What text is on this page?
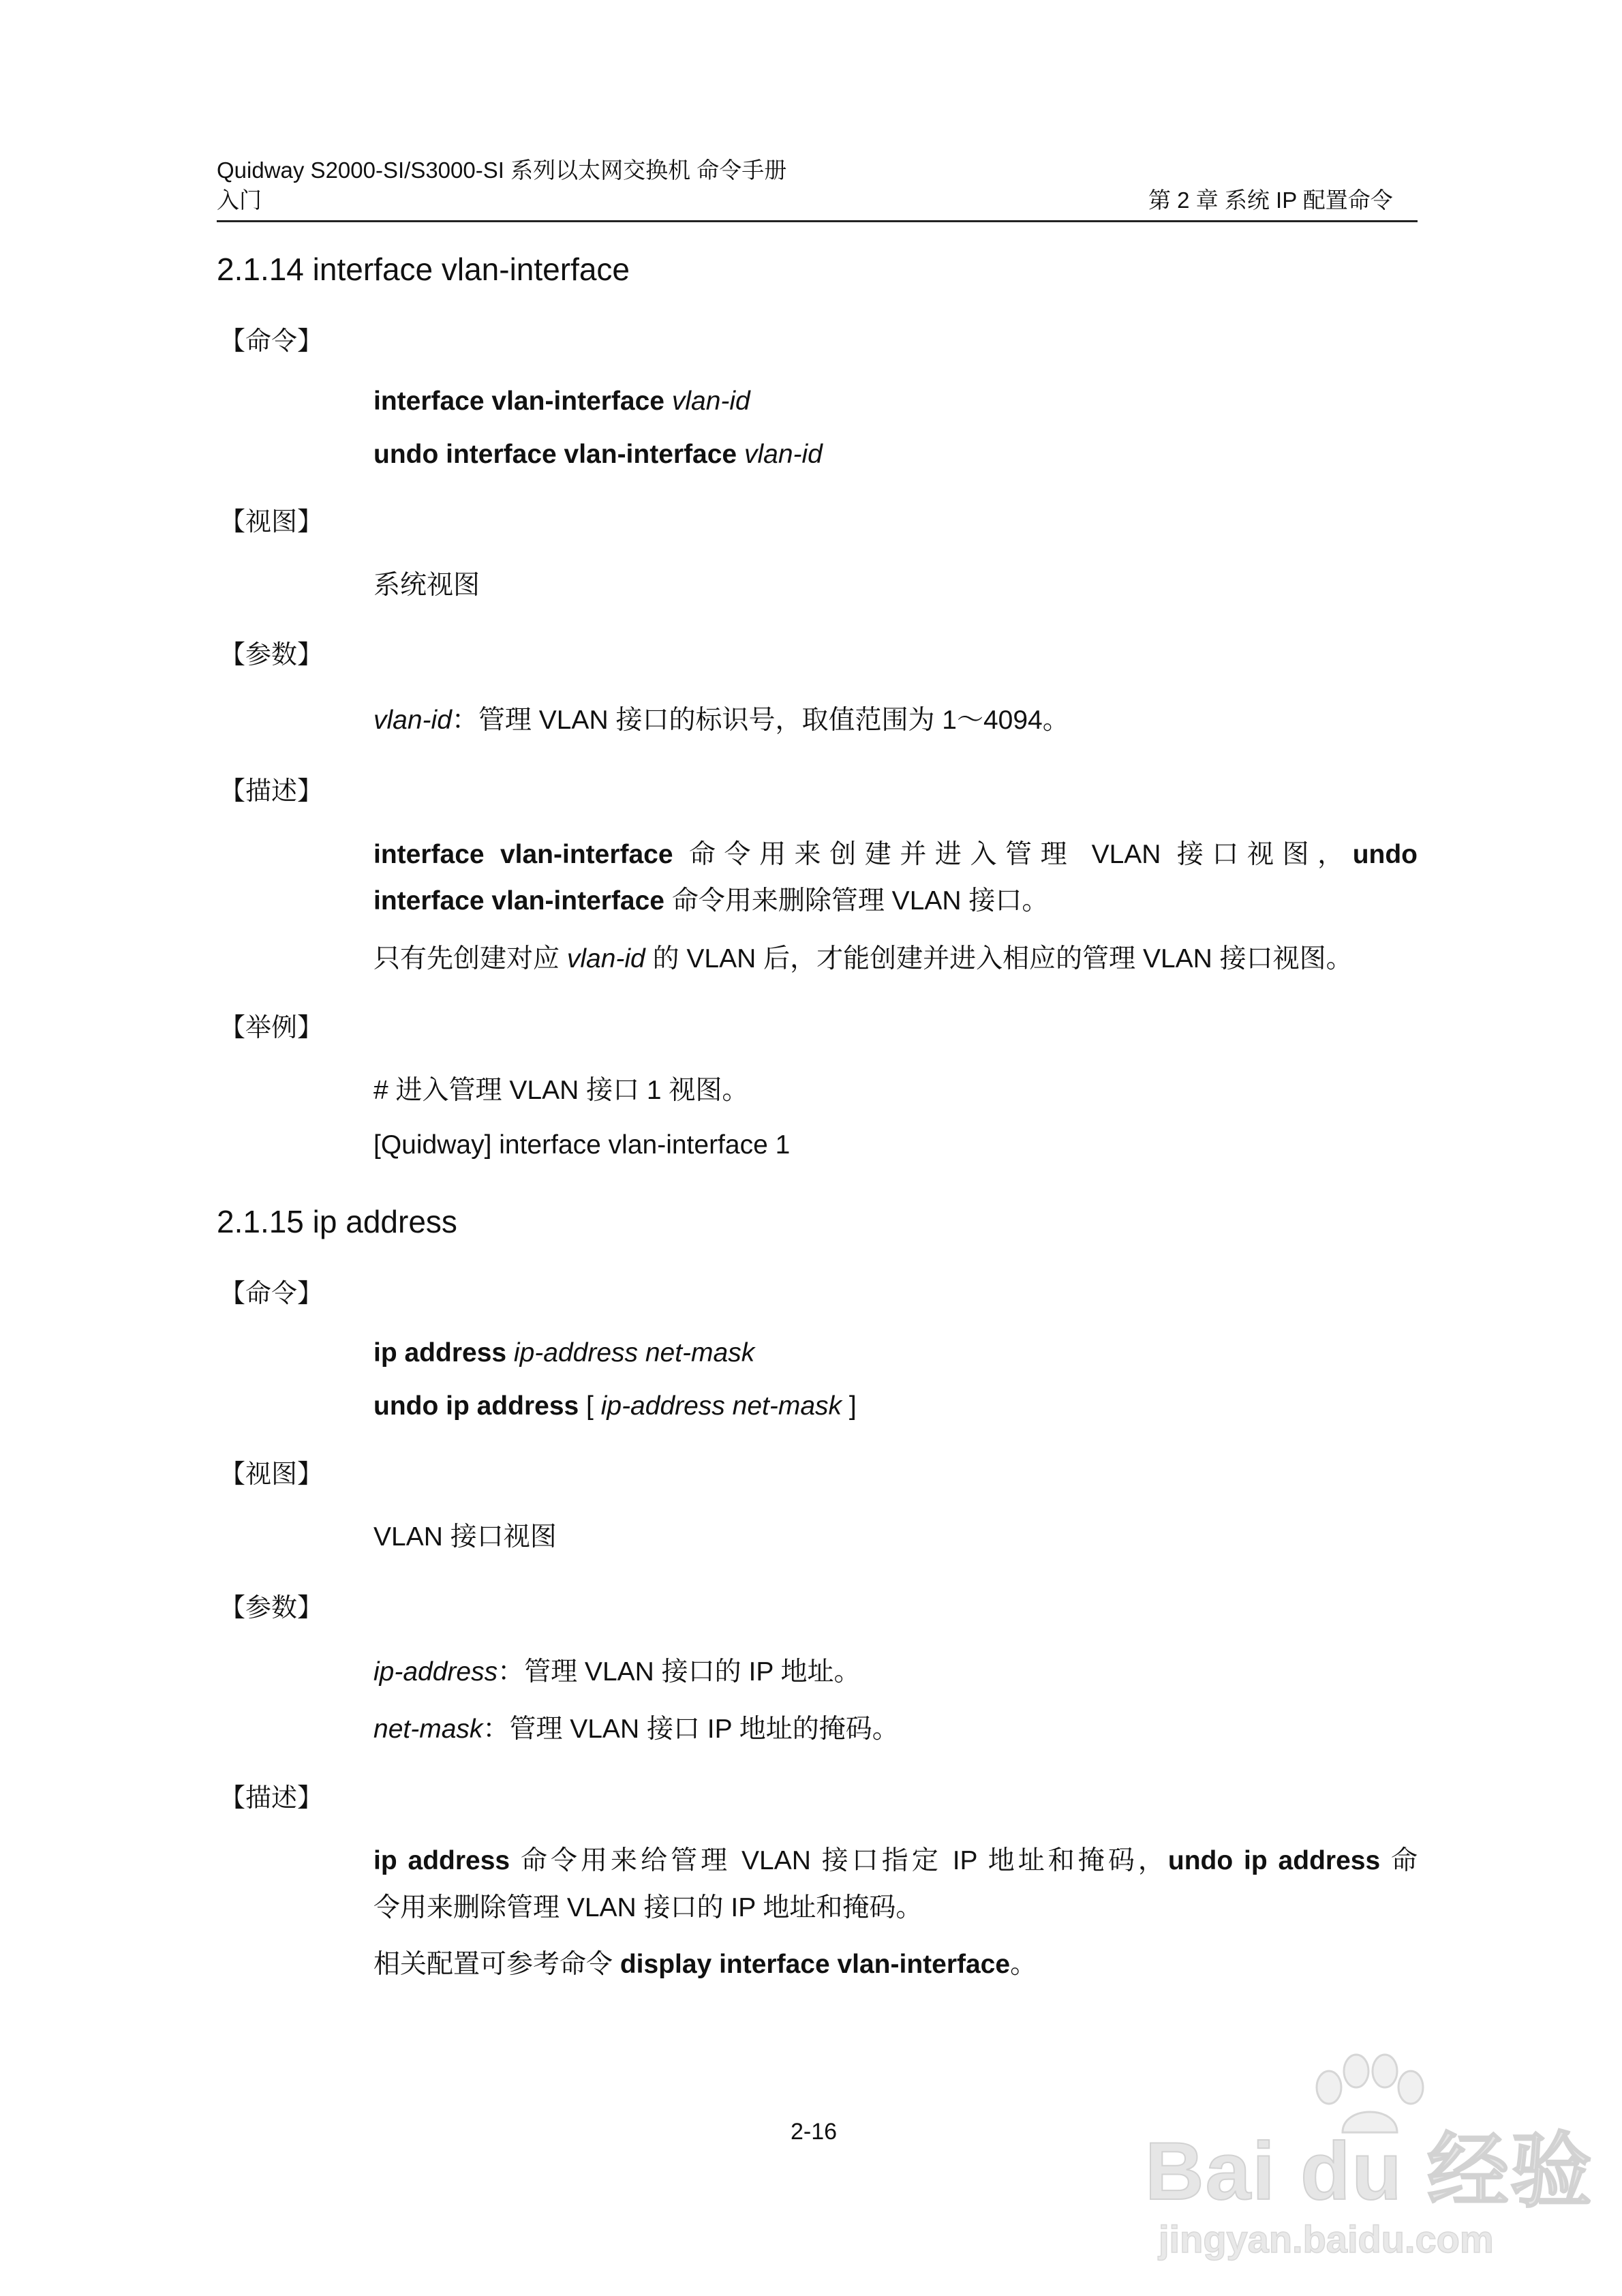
Quidway S2000-SI/S3000-SI 系列以太网交换机 命令手册
入门	第 2 章 系统 IP 配置命令
2.1.14 interface vlan-interface
【命令】
interface vlan-interface vlan-id
undo interface vlan-interface vlan-id
【视图】
系统视图
【参数】
vlan-id：管理 VLAN 接口的标识号，取值范围为 1～4094。
【描述】
interface vlan-interface 命令用来创建并进入管理 VLAN 接口视图，undo
interface vlan-interface 命令用来删除管理 VLAN 接口。
只有先创建对应 vlan-id 的 VLAN 后，才能创建并进入相应的管理 VLAN 接口视图。
【举例】
# 进入管理 VLAN 接口 1 视图。
[Quidway] interface vlan-interface 1
2.1.15 ip address
【命令】
ip address ip-address net-mask
undo ip address [ ip-address net-mask ]
【视图】
VLAN 接口视图
【参数】
ip-address：管理 VLAN 接口的 IP 地址。
net-mask：管理 VLAN 接口 IP 地址的掩码。
【描述】
ip address 命令用来给管理 VLAN 接口指定 IP 地址和掩码，undo ip address 命
令用来删除管理 VLAN 接口的 IP 地址和掩码。
相关配置可参考命令 display interface vlan-interface。
2-16	Bai du 经验
jingyan.baidu.com
